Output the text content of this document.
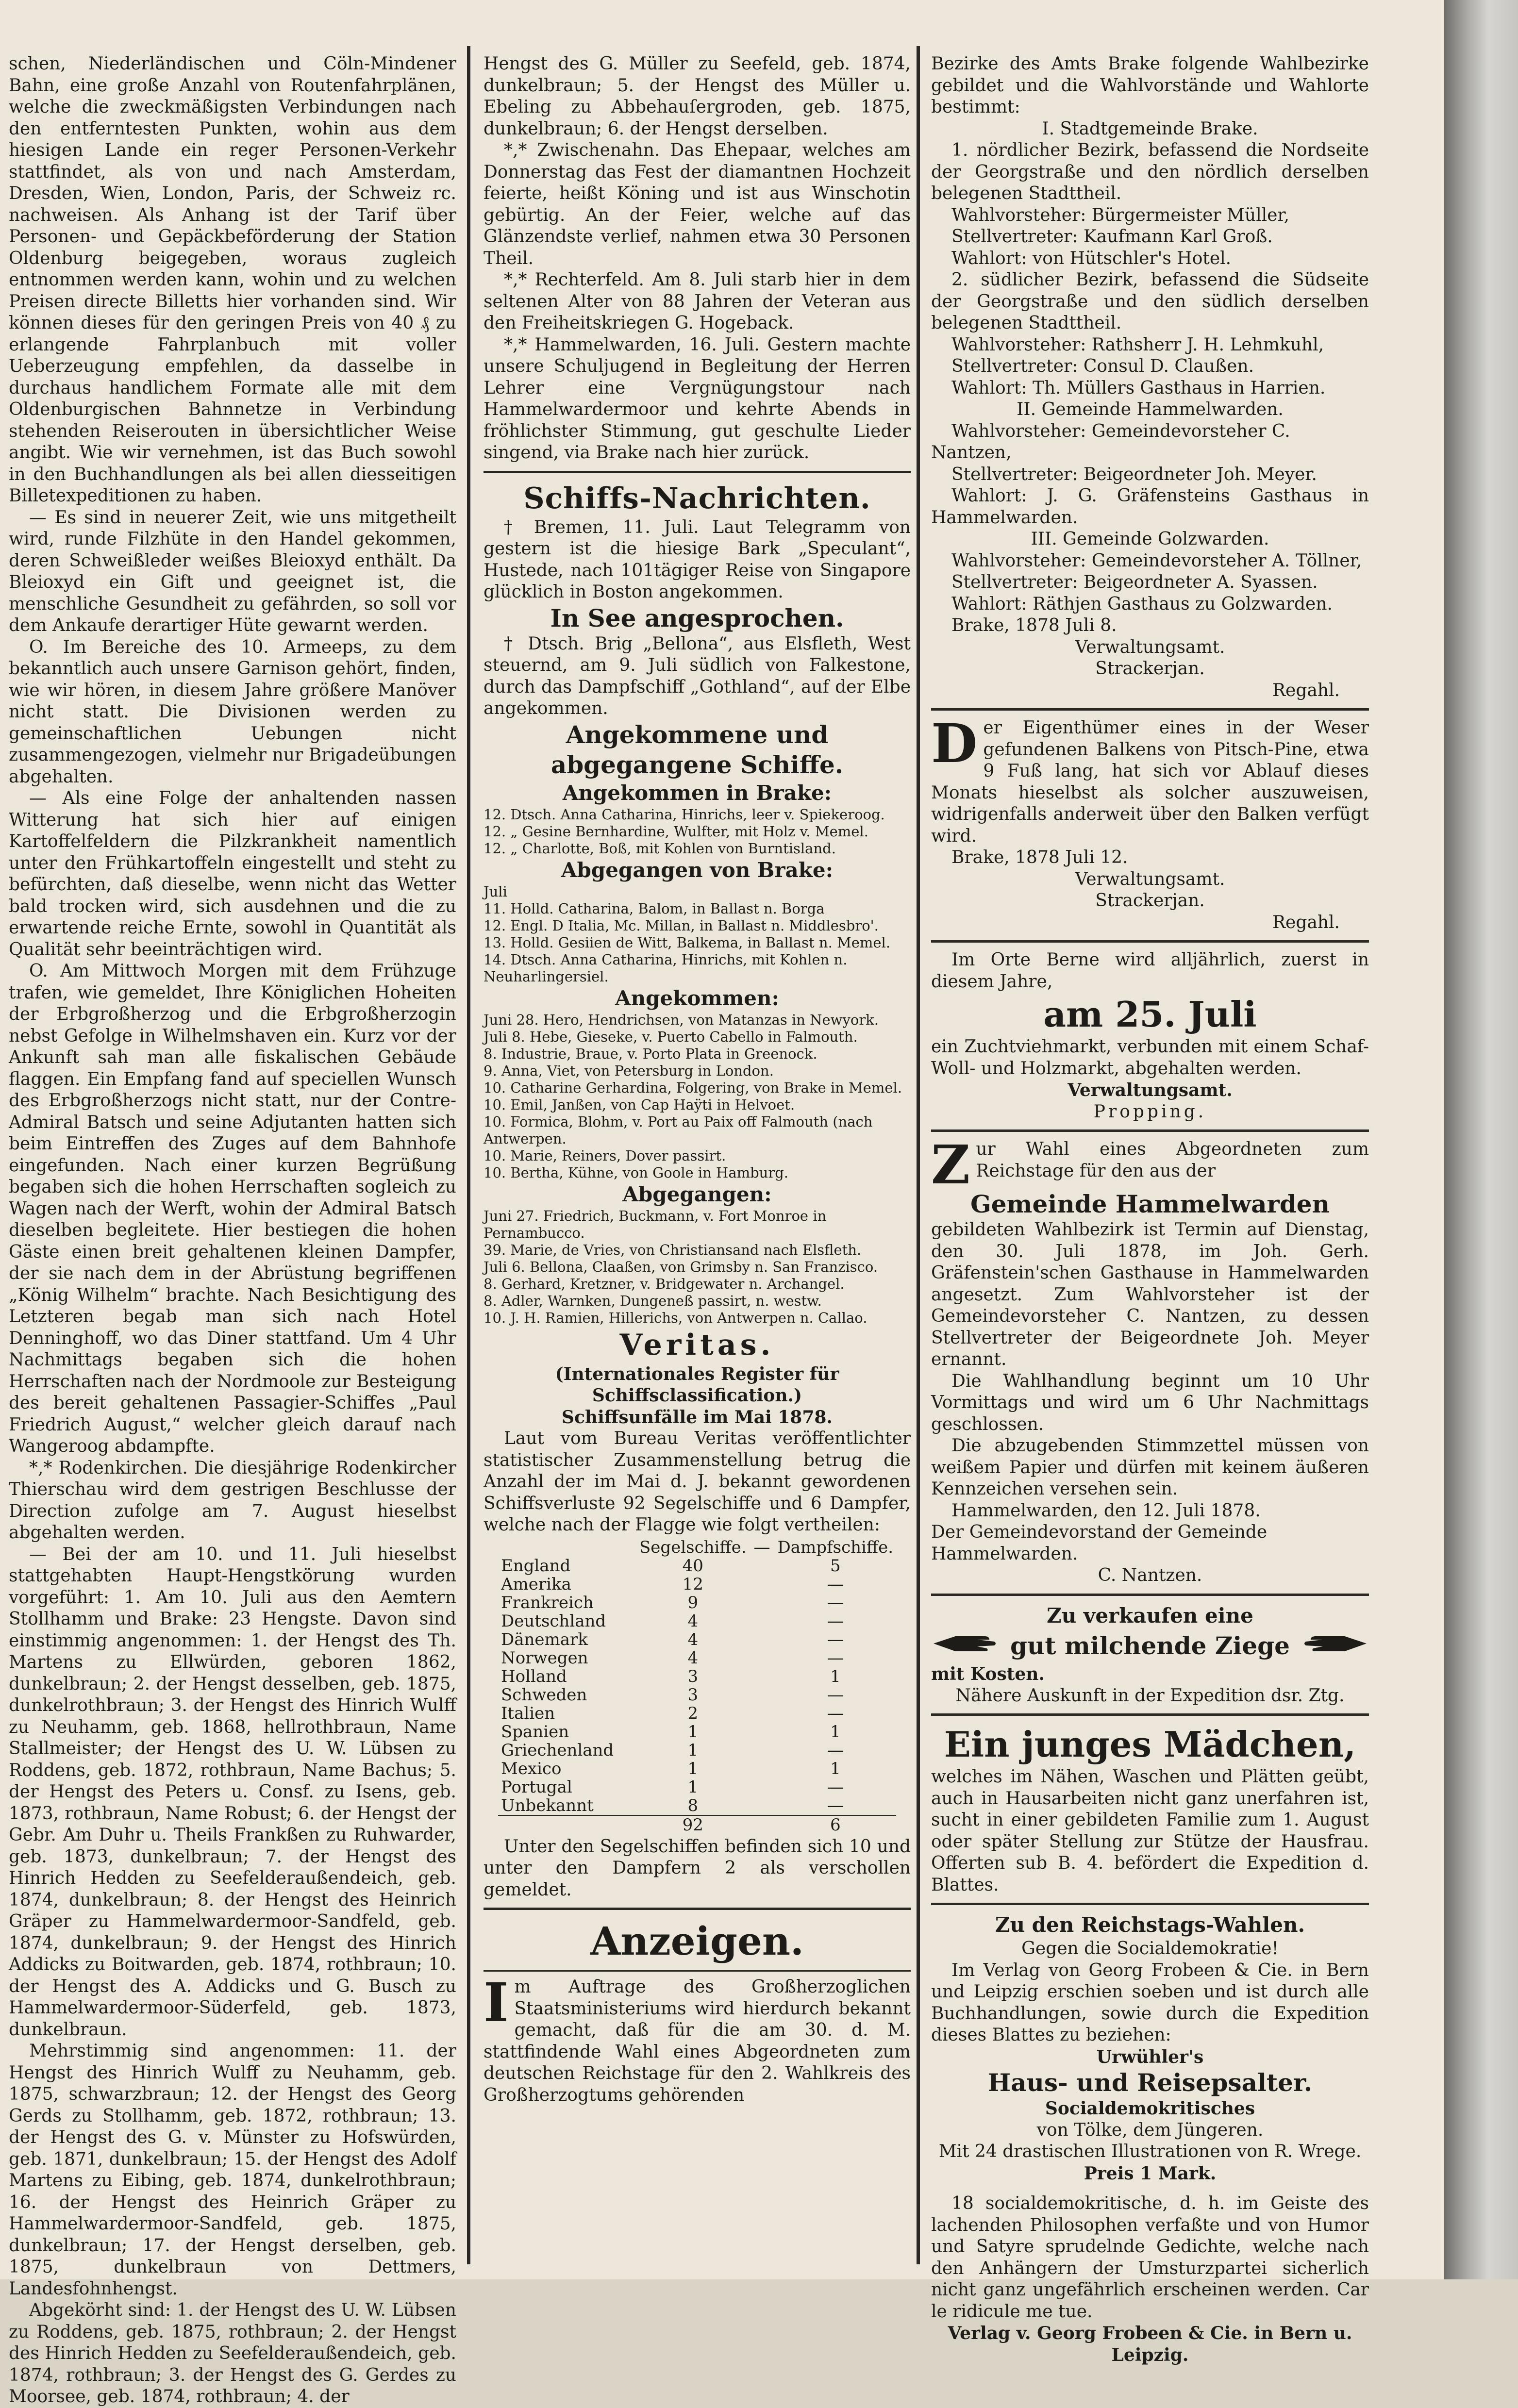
schen, Niederländischen und Cöln-Mindener Bahn, eine große Anzahl von Routenfahrplänen, welche die zweckmäßigsten Verbindungen nach den entferntesten Punkten, wohin aus dem hiesigen Lande ein reger Personen-Verkehr stattfindet, als von und nach Amsterdam, Dresden, Wien, London, Paris, der Schweiz rc. nachweisen. Als Anhang ist der Tarif über Personen- und Gepäckbeförderung der Station Oldenburg beigegeben, woraus zugleich entnommen werden kann, wohin und zu welchen Preisen directe Billetts hier vorhanden sind. Wir können dieses für den geringen Preis von 40 ₰ zu erlangende Fahrplanbuch mit voller Ueberzeugung empfehlen, da dasselbe in durchaus handlichem Formate alle mit dem Oldenburgischen Bahnnetze in Verbindung stehenden Reiserouten in übersichtlicher Weise angibt. Wie wir vernehmen, ist das Buch sowohl in den Buchhandlungen als bei allen diesseitigen Billetexpeditionen zu haben.

— Es sind in neuerer Zeit, wie uns mitgetheilt wird, runde Filzhüte in den Handel gekommen, deren Schweißleder weißes Bleioxyd enthält. Da Bleioxyd ein Gift und geeignet ist, die menschliche Gesundheit zu gefährden, so soll vor dem Ankaufe derartiger Hüte gewarnt werden.

O. Im Bereiche des 10. Armeeps, zu dem bekanntlich auch unsere Garnison gehört, finden, wie wir hören, in diesem Jahre größere Manöver nicht statt. Die Divisionen werden zu gemeinschaftlichen Uebungen nicht zusammengezogen, vielmehr nur Brigadeübungen abgehalten.

— Als eine Folge der anhaltenden nassen Witterung hat sich hier auf einigen Kartoffelfeldern die Pilzkrankheit namentlich unter den Frühkartoffeln eingestellt und steht zu befürchten, daß dieselbe, wenn nicht das Wetter bald trocken wird, sich ausdehnen und die zu erwartende reiche Ernte, sowohl in Quantität als Qualität sehr beeinträchtigen wird.

O. Am Mittwoch Morgen mit dem Frühzuge trafen, wie gemeldet, Ihre Königlichen Hoheiten der Erbgroßherzog und die Erbgroßherzogin nebst Gefolge in Wilhelmshaven ein. Kurz vor der Ankunft sah man alle fiskalischen Gebäude flaggen. Ein Empfang fand auf speciellen Wunsch des Erbgroßherzogs nicht statt, nur der Contre-Admiral Batsch und seine Adjutanten hatten sich beim Eintreffen des Zuges auf dem Bahnhofe eingefunden. Nach einer kurzen Begrüßung begaben sich die hohen Herrschaften sogleich zu Wagen nach der Werft, wohin der Admiral Batsch dieselben begleitete. Hier bestiegen die hohen Gäste einen breit gehaltenen kleinen Dampfer, der sie nach dem in der Abrüstung begriffenen „König Wilhelm“ brachte. Nach Besichtigung des Letzteren begab man sich nach Hotel Denninghoff, wo das Diner stattfand. Um 4 Uhr Nachmittags begaben sich die hohen Herrschaften nach der Nordmoole zur Besteigung des bereit gehaltenen Passagier-Schiffes „Paul Friedrich August,“ welcher gleich darauf nach Wangeroog abdampfte.

*,* Rodenkirchen. Die diesjährige Rodenkircher Thierschau wird dem gestrigen Beschlusse der Direction zufolge am 7. August hieselbst abgehalten werden.

— Bei der am 10. und 11. Juli hieselbst stattgehabten Haupt-Hengstkörung wurden vorgeführt: 1. Am 10. Juli aus den Aemtern Stollhamm und Brake: 23 Hengste. Davon sind einstimmig angenommen: 1. der Hengst des Th. Martens zu Ellwürden, geboren 1862, dunkelbraun; 2. der Hengst desselben, geb. 1875, dunkelrothbraun; 3. der Hengst des Hinrich Wulff zu Neuhamm, geb. 1868, hellrothbraun, Name Stallmeister; der Hengst des U. W. Lübsen zu Roddens, geb. 1872, rothbraun, Name Bachus; 5. der Hengst des Peters u. Consf. zu Isens, geb. 1873, rothbraun, Name Robust; 6. der Hengst der Gebr. Am Duhr u. Theils Frankßen zu Ruhwarder, geb. 1873, dunkelbraun; 7. der Hengst des Hinrich Hedden zu Seefelderaußendeich, geb. 1874, dunkelbraun; 8. der Hengst des Heinrich Gräper zu Hammelwardermoor-Sandfeld, geb. 1874, dunkelbraun; 9. der Hengst des Hinrich Addicks zu Boitwarden, geb. 1874, rothbraun; 10. der Hengst des A. Addicks und G. Busch zu Hammelwardermoor-Süderfeld, geb. 1873, dunkelbraun.

Mehrstimmig sind angenommen: 11. der Hengst des Hinrich Wulff zu Neuhamm, geb. 1875, schwarzbraun; 12. der Hengst des Georg Gerds zu Stollhamm, geb. 1872, rothbraun; 13. der Hengst des G. v. Münster zu Hofswürden, geb. 1871, dunkelbraun; 15. der Hengst des Adolf Martens zu Eibing, geb. 1874, dunkelrothbraun; 16. der Hengst des Heinrich Gräper zu Hammelwardermoor-Sandfeld, geb. 1875, dunkelbraun; 17. der Hengst derselben, geb. 1875, dunkelbraun von Dettmers, Landesfohnhengst.

Abgekörht sind: 1. der Hengst des U. W. Lübsen zu Roddens, geb. 1875, rothbraun; 2. der Hengst des Hinrich Hedden zu Seefelderaußendeich, geb. 1874, rothbraun; 3. der Hengst des G. Gerdes zu Moorsee, geb. 1874, rothbraun; 4. der

Hengst des G. Müller zu Seefeld, geb. 1874, dunkelbraun; 5. der Hengst des Müller u. Ebeling zu Abbehauſergroden, geb. 1875, dunkelbraun; 6. der Hengst derselben.

*,* Zwischenahn. Das Ehepaar, welches am Donnerstag das Fest der diamantnen Hochzeit feierte, heißt Köning und ist aus Winschotin gebürtig. An der Feier, welche auf das Glänzendste verlief, nahmen etwa 30 Personen Theil.

*,* Rechterfeld. Am 8. Juli starb hier in dem seltenen Alter von 88 Jahren der Veteran aus den Freiheitskriegen G. Hogeback.

*,* Hammelwarden, 16. Juli. Gestern machte unsere Schuljugend in Begleitung der Herren Lehrer eine Vergnügungstour nach Hammelwardermoor und kehrte Abends in fröhlichster Stimmung, gut geschulte Lieder singend, via Brake nach hier zurück.

Schiffs-Nachrichten.

† Bremen, 11. Juli. Laut Telegramm von gestern ist die hiesige Bark „Speculant“, Hustede, nach 101tägiger Reise von Singapore glücklich in Boston angekommen.

In See angesprochen.

† Dtsch. Brig „Bellona“, aus Elsfleth, West steuernd, am 9. Juli südlich von Falkestone, durch das Dampfschiff „Gothland“, auf der Elbe angekommen.

Angekommene und
abgegangene Schiffe.
Angekommen in Brake:
12. Dtsch. Anna Catharina, Hinrichs, leer v. Spiekeroog.
12. „ Gesine Bernhardine, Wulfter, mit Holz v. Memel.
12. „ Charlotte, Boß, mit Kohlen von Burntisland.
Abgegangen von Brake:
Juli
11. Holld. Catharina, Balom, in Ballast n. Borga
12. Engl. D Italia, Mc. Millan, in Ballast n. Middlesbro'.
13. Holld. Gesiien de Witt, Balkema, in Ballast n. Memel.
14. Dtsch. Anna Catharina, Hinrichs, mit Kohlen n. Neuharlingersiel.
Angekommen:
Juni 28. Hero, Hendrichsen, von Matanzas in Newyork.
Juli 8. Hebe, Gieseke, v. Puerto Cabello in Falmouth.
8. Industrie, Braue, v. Porto Plata in Greenock.
9. Anna, Viet, von Petersburg in London.
10. Catharine Gerhardina, Folgering, von Brake in Memel.
10. Emil, Janßen, von Cap Haÿti in Helvoet.
10. Formica, Blohm, v. Port au Paix off Falmouth (nach Antwerpen.
10. Marie, Reiners, Dover passirt.
10. Bertha, Kühne, von Goole in Hamburg.
Abgegangen:
Juni 27. Friedrich, Buckmann, v. Fort Monroe in Pernambucco.
39. Marie, de Vries, von Christiansand nach Elsfleth.
Juli 6. Bellona, Claaßen, von Grimsby n. San Franzisco.
8. Gerhard, Kretzner, v. Bridgewater n. Archangel.
8. Adler, Warnken, Dungeneß passirt, n. westw.
10. J. H. Ramien, Hillerichs, von Antwerpen n. Callao.
Veritas.
(Internationales Register für Schiffsclassification.)
Schiffsunfälle im Mai 1878.

Laut vom Bureau Veritas veröffentlichter statistischer Zusammenstellung betrug die Anzahl der im Mai d. J. bekannt gewordenen Schiffsverluste 92 Segelschiffe und 6 Dampfer, welche nach der Flagge wie folgt vertheilen:

	Segelschiffe.	—	Dampfschiffe.
England	40		5
Amerika	12		—
Frankreich	9		—
Deutschland	4		—
Dänemark	4		—
Norwegen	4		—
Holland	3		1
Schweden	3		—
Italien	2		—
Spanien	1		1
Griechenland	1		—
Mexico	1		1
Portugal	1		—
Unbekannt	8		—
	92		6

Unter den Segelschiffen befinden sich 10 und unter den Dampfern 2 als verschollen gemeldet.

Anzeigen.

Im Auftrage des Großherzoglichen Staatsministeriums wird hierdurch bekannt gemacht, daß für die am 30. d. M. stattfindende Wahl eines Abgeordneten zum deutschen Reichstage für den 2. Wahlkreis des Großherzogtums gehörenden

Bezirke des Amts Brake folgende Wahlbezirke gebildet und die Wahlvorstände und Wahlorte bestimmt:

I. Stadtgemeinde Brake.

1. nördlicher Bezirk, befassend die Nordseite der Georgstraße und den nördlich derselben belegenen Stadttheil.

Wahlvorsteher: Bürgermeister Müller,
Stellvertreter: Kaufmann Karl Groß.
Wahlort: von Hütschler's Hotel.

2. südlicher Bezirk, befassend die Südseite der Georgstraße und den südlich derselben belegenen Stadttheil.

Wahlvorsteher: Rathsherr J. H. Lehmkuhl,
Stellvertreter: Consul D. Claußen.
Wahlort: Th. Müllers Gasthaus in Harrien.
II. Gemeinde Hammelwarden.
Wahlvorsteher: Gemeindevorsteher C. Nantzen,
Stellvertreter: Beigeordneter Joh. Meyer.

Wahlort: J. G. Gräfensteins Gasthaus in Hammelwarden.

III. Gemeinde Golzwarden.
Wahlvorsteher: Gemeindevorsteher A. Töllner,
Stellvertreter: Beigeordneter A. Syassen.
Wahlort: Räthjen Gasthaus zu Golzwarden.
Brake, 1878 Juli 8.
Verwaltungsamt.
Strackerjan.
Regahl.

Der Eigenthümer eines in der Weser gefundenen Balkens von Pitsch-Pine, etwa 9 Fuß lang, hat sich vor Ablauf dieses Monats hieselbst als solcher auszuweisen, widrigenfalls anderweit über den Balken verfügt wird.

Brake, 1878 Juli 12.
Verwaltungsamt.
Strackerjan.
Regahl.

Im Orte Berne wird alljährlich, zuerst in diesem Jahre,

am 25. Juli

ein Zuchtviehmarkt, verbunden mit einem Schaf- Woll- und Holzmarkt, abgehalten werden.

Verwaltungsamt.
Propping.

Zur Wahl eines Abgeordneten zum Reichstage für den aus der

Gemeinde Hammelwarden

gebildeten Wahlbezirk ist Termin auf Dienstag, den 30. Juli 1878, im Joh. Gerh. Gräfenstein'schen Gasthause in Hammelwarden angesetzt. Zum Wahlvorsteher ist der Gemeindevorsteher C. Nantzen, zu dessen Stellvertreter der Beigeordnete Joh. Meyer ernannt.

Die Wahlhandlung beginnt um 10 Uhr Vormittags und wird um 6 Uhr Nachmittags geschlossen.

Die abzugebenden Stimmzettel müssen von weißem Papier und dürfen mit keinem äußeren Kennzeichen versehen sein.

Hammelwarden, den 12. Juli 1878.
Der Gemeindevorstand der Gemeinde Hammelwarden.
C. Nantzen.
Zu verkaufen eine
gut milchende Ziege
mit Kosten.
Nähere Auskunft in der Expedition dsr. Ztg.
Ein junges Mädchen,

welches im Nähen, Waschen und Plätten geübt, auch in Hausarbeiten nicht ganz unerfahren ist, sucht in einer gebildeten Familie zum 1. August oder später Stellung zur Stütze der Hausfrau. Offerten sub B. 4. befördert die Expedition d. Blattes.

Zu den Reichstags-Wahlen.
Gegen die Socialdemokratie!

Im Verlag von Georg Frobeen & Cie. in Bern und Leipzig erschien soeben und ist durch alle Buchhandlungen, sowie durch die Expedition dieses Blattes zu beziehen:

Urwühler's
Haus- und Reisepsalter.
Socialdemokritisches
von Tölke, dem Jüngeren.
Mit 24 drastischen Illustrationen von R. Wrege.
Preis 1 Mark.

18 socialdemokritische, d. h. im Geiste des lachenden Philosophen verfaßte und von Humor und Satyre sprudelnde Gedichte, welche nach den Anhängern der Umsturzpartei sicherlich nicht ganz ungefährlich erscheinen werden. Car le ridicule me tue.

Verlag v. Georg Frobeen & Cie. in Bern u. Leipzig.
